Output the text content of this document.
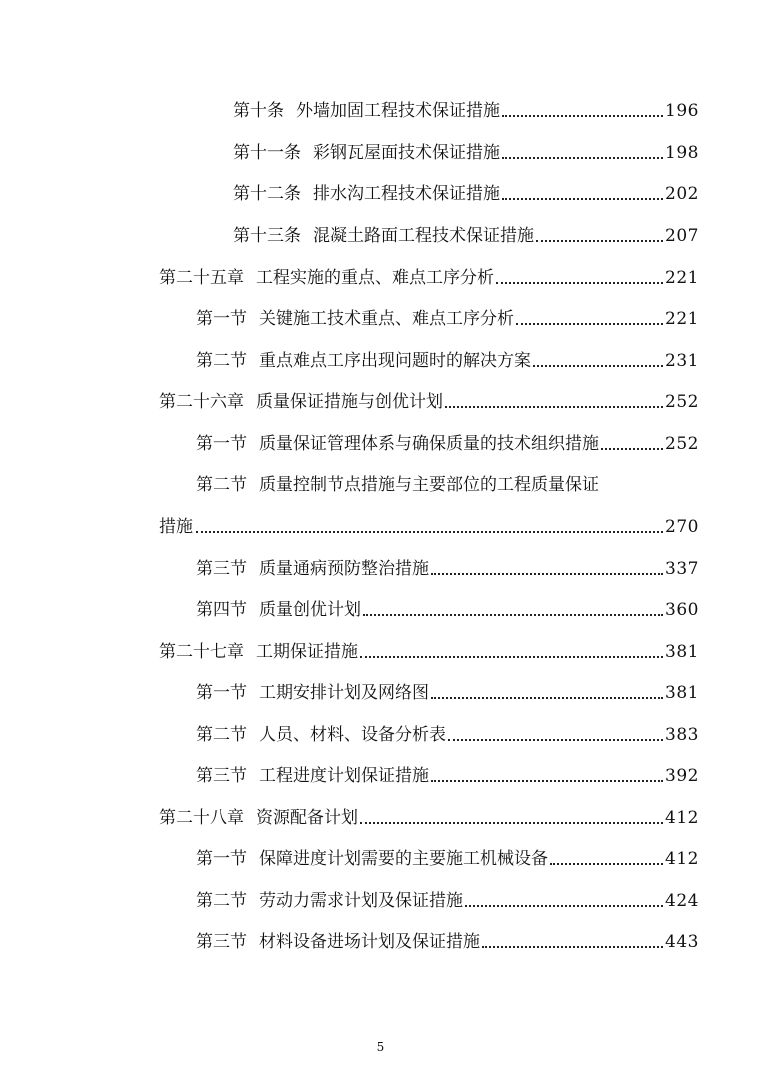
第十条 外墙加固工程技术保证措施	196
第十一条 彩钢瓦屋面技术保证措施	198
第十二条 排水沟工程技术保证措施	202
第十三条 混凝土路面工程技术保证措施	207
第二十五章 工程实施的重点、难点工序分析	221
第一节 关键施工技术重点、难点工序分析	221
第二节 重点难点工序出现问题时的解决方案	231
第二十六章 质量保证措施与创优计划	252
第一节 质量保证管理体系与确保质量的技术组织措施	252
第二节 质量控制节点措施与主要部位的工程质量保证
措施	270
第三节 质量通病预防整治措施	337
第四节 质量创优计划	360
第二十七章 工期保证措施	381
第一节 工期安排计划及网络图	381
第二节 人员、材料、设备分析表	383
第三节 工程进度计划保证措施	392
第二十八章 资源配备计划	412
第一节 保障进度计划需要的主要施工机械设备	412
第二节 劳动力需求计划及保证措施	424
第三节 材料设备进场计划及保证措施	443
5
